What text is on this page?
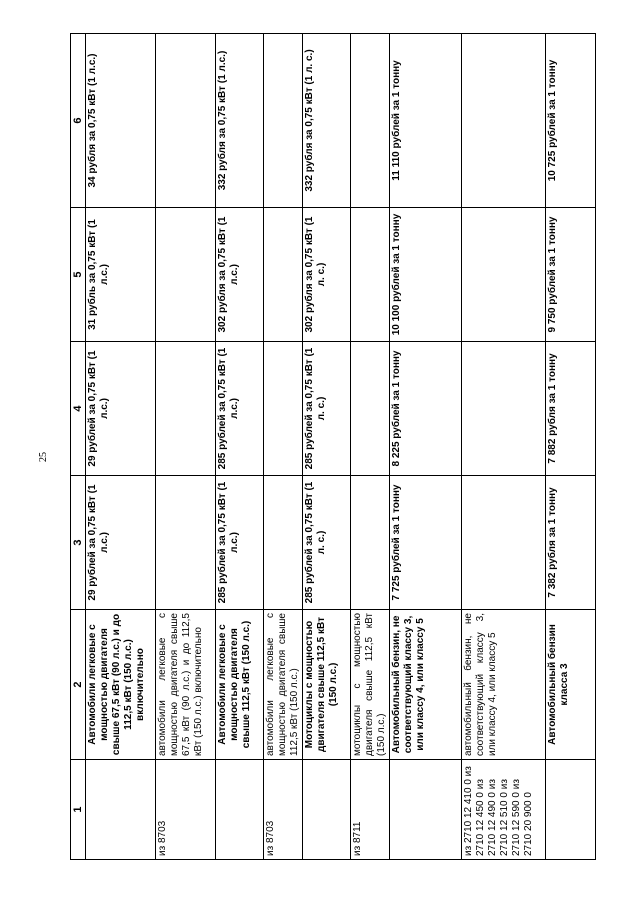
25
1	2	3	4	5	6
	Автомобили легковые с мощностью двигателя свыше 67,5 кВт (90 л.с.) и до 112,5 кВт (150 л.с.) включительно	29 рублей за 0,75 кВт (1 л.с.)	29 рублей за 0,75 кВт (1 л.с.)	31 рубль за 0,75 кВт (1 л.с.)	34 рубля за 0,75 кВт (1 л.с.)
из 8703	автомобили легковые с мощностью двигателя свыше 67,5 кВт (90 л.с.) и до 112,5 кВт (150 л.с.) включительно				
	Автомобили легковые с мощностью двигателя свыше 112,5 кВт (150 л.с.)	285 рублей за 0,75 кВт (1 л.с.)	285 рублей за 0,75 кВт (1 л.с.)	302 рубля за 0,75 кВт (1 л.с.)	332 рубля за 0,75 кВт (1 л.с.)
из 8703	автомобили легковые с мощностью двигателя свыше 112,5 кВт (150 л.с.)				
	Мотоциклы с мощностью двигателя свыше 112,5 кВт (150 л.с.)	285 рублей за 0,75 кВт (1 л. с.)	285 рублей за 0,75 кВт (1 л. с.)	302 рубля за 0,75 кВт (1 л. с.)	332 рубля за 0,75 кВт (1 л. с.)
из 8711	мотоциклы с мощностью двигателя свыше 112,5 кВт (150 л.с.)				
	Автомобильный бензин, не соответствующий классу 3, или классу 4, или классу 5	7 725 рублей за 1 тонну	8 225 рублей за 1 тонну	10 100 рублей за 1 тонну	11 110 рублей за 1 тонну
из 2710 12 410 0 из 2710 12 450 0 из 2710 12 490 0 из 2710 12 510 0 из 2710 12 590 0 из 2710 20 900 0	автомобильный бензин, не соответствующий классу 3, или классу 4, или классу 5				
	Автомобильный бензин класса 3	7 382 рубля за 1 тонну	7 882 рубля за 1 тонну	9 750 рублей за 1 тонну	10 725 рублей за 1 тонну
